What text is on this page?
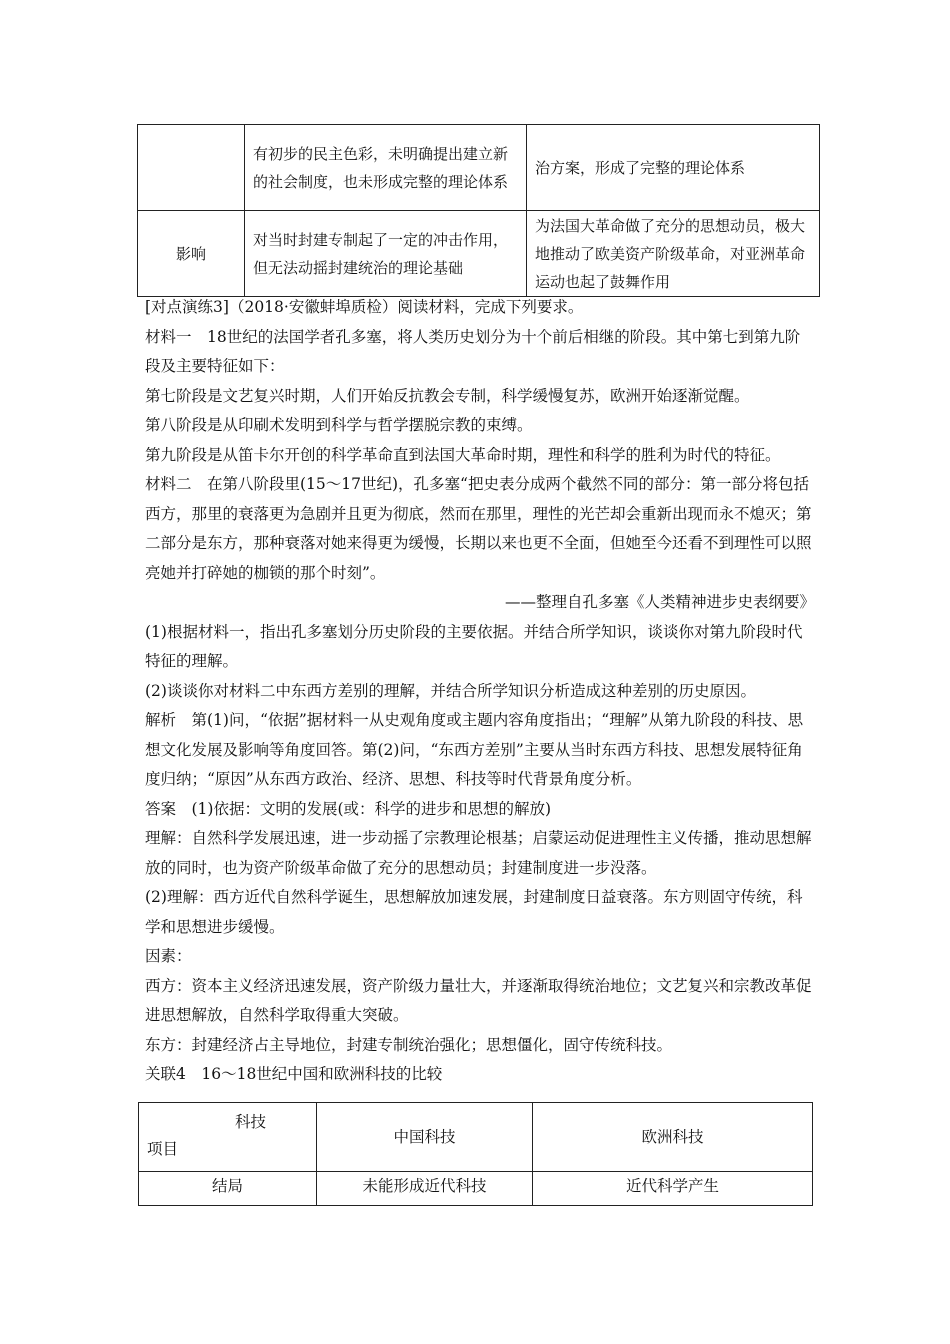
	有初步的民主色彩，未明确提出建立新的社会制度，也未形成完整的理论体系	治方案，形成了完整的理论体系
影响	对当时封建专制起了一定的冲击作用，但无法动摇封建统治的理论基础	为法国大革命做了充分的思想动员，极大地推动了欧美资产阶级革命，对亚洲革命运动也起了鼓舞作用

[对点演练3]（2018·安徽蚌埠质检）阅读材料，完成下列要求。

材料一　18世纪的法国学者孔多塞，将人类历史划分为十个前后相继的阶段。其中第七到第九阶段及主要特征如下：

第七阶段是文艺复兴时期，人们开始反抗教会专制，科学缓慢复苏，欧洲开始逐渐觉醒。

第八阶段是从印刷术发明到科学与哲学摆脱宗教的束缚。

第九阶段是从笛卡尔开创的科学革命直到法国大革命时期，理性和科学的胜利为时代的特征。

材料二　在第八阶段里(15～17世纪)，孔多塞“把史表分成两个截然不同的部分：第一部分将包括西方，那里的衰落更为急剧并且更为彻底，然而在那里，理性的光芒却会重新出现而永不熄灭；第二部分是东方，那种衰落对她来得更为缓慢，长期以来也更不全面，但她至今还看不到理性可以照亮她并打碎她的枷锁的那个时刻”。

——整理自孔多塞《人类精神进步史表纲要》

(1)根据材料一，指出孔多塞划分历史阶段的主要依据。并结合所学知识，谈谈你对第九阶段时代特征的理解。

(2)谈谈你对材料二中东西方差别的理解，并结合所学知识分析造成这种差别的历史原因。

解析　第(1)问，“依据”据材料一从史观角度或主题内容角度指出；“理解”从第九阶段的科技、思想文化发展及影响等角度回答。第(2)问，“东西方差别”主要从当时东西方科技、思想发展特征角度归纳；“原因”从东西方政治、经济、思想、科技等时代背景角度分析。

答案　(1)依据：文明的发展(或：科学的进步和思想的解放)

理解：自然科学发展迅速，进一步动摇了宗教理论根基；启蒙运动促进理性主义传播，推动思想解放的同时，也为资产阶级革命做了充分的思想动员；封建制度进一步没落。

(2)理解：西方近代自然科学诞生，思想解放加速发展，封建制度日益衰落。东方则固守传统，科学和思想进步缓慢。

因素：

西方：资本主义经济迅速发展，资产阶级力量壮大，并逐渐取得统治地位；文艺复兴和宗教改革促进思想解放，自然科学取得重大突破。

东方：封建经济占主导地位，封建专制统治强化；思想僵化，固守传统科技。

关联4　16～18世纪中国和欧洲科技的比较

科技
项目	中国科技	欧洲科技
结局	未能形成近代科技	近代科学产生
